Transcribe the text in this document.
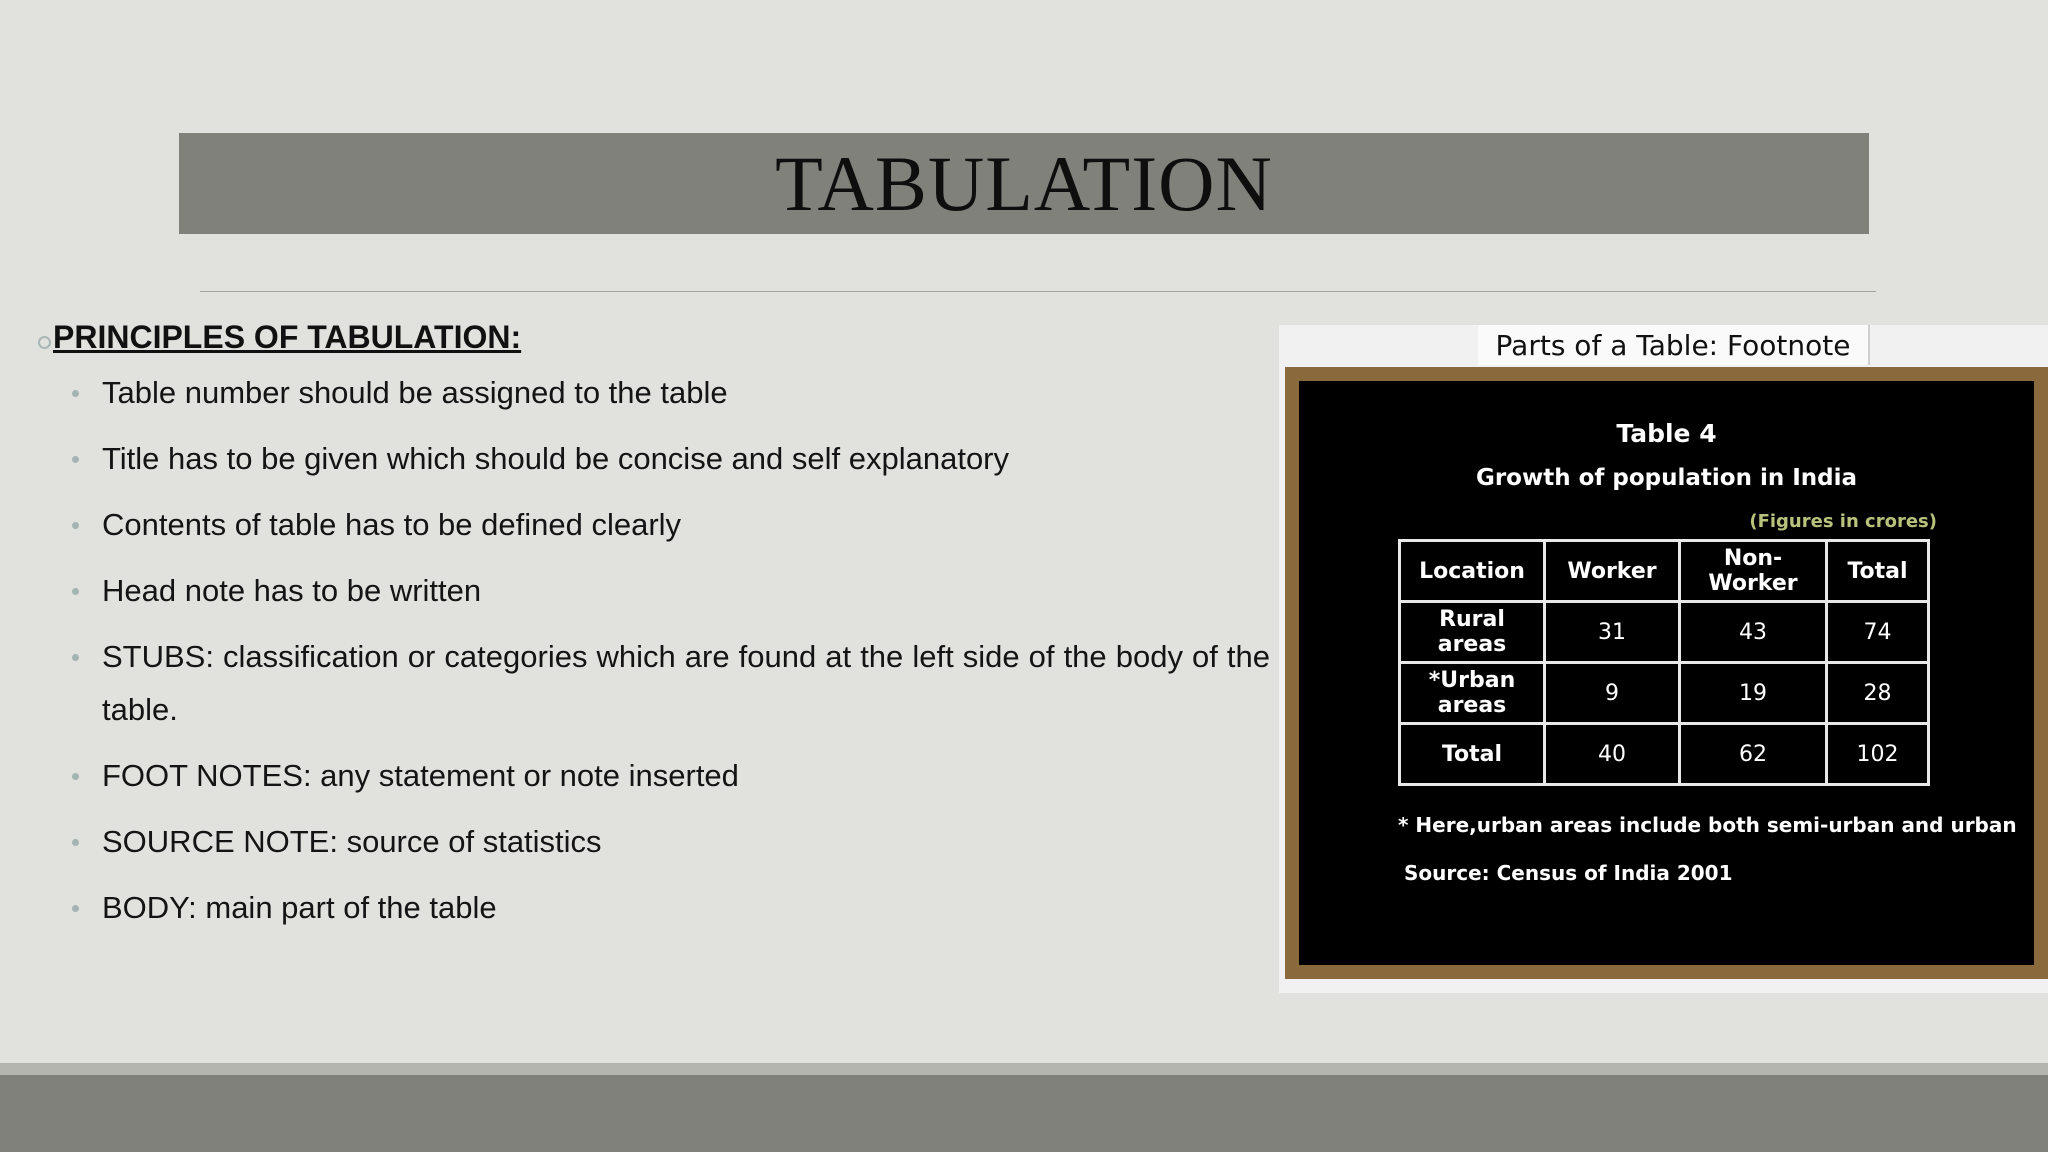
TABULATION
PRINCIPLES OF TABULATION:
Table number should be assigned to the table
Title has to be given which should be concise and self explanatory
Contents of table has to be defined clearly
Head note has to be written
STUBS: classification or categories which are found at the left side of the body of the table.
FOOT NOTES: any statement or note inserted
SOURCE NOTE: source of statistics
BODY: main part of the table
Parts of a Table: Footnote
Table 4
Growth of population in India
(Figures in crores)
Location	Worker	Non-Worker	Total
Rural areas	31	43	74
*Urban areas	9	19	28
Total	40	62	102
* Here,urban areas include both semi-urban and urban
Source: Census of India 2001
